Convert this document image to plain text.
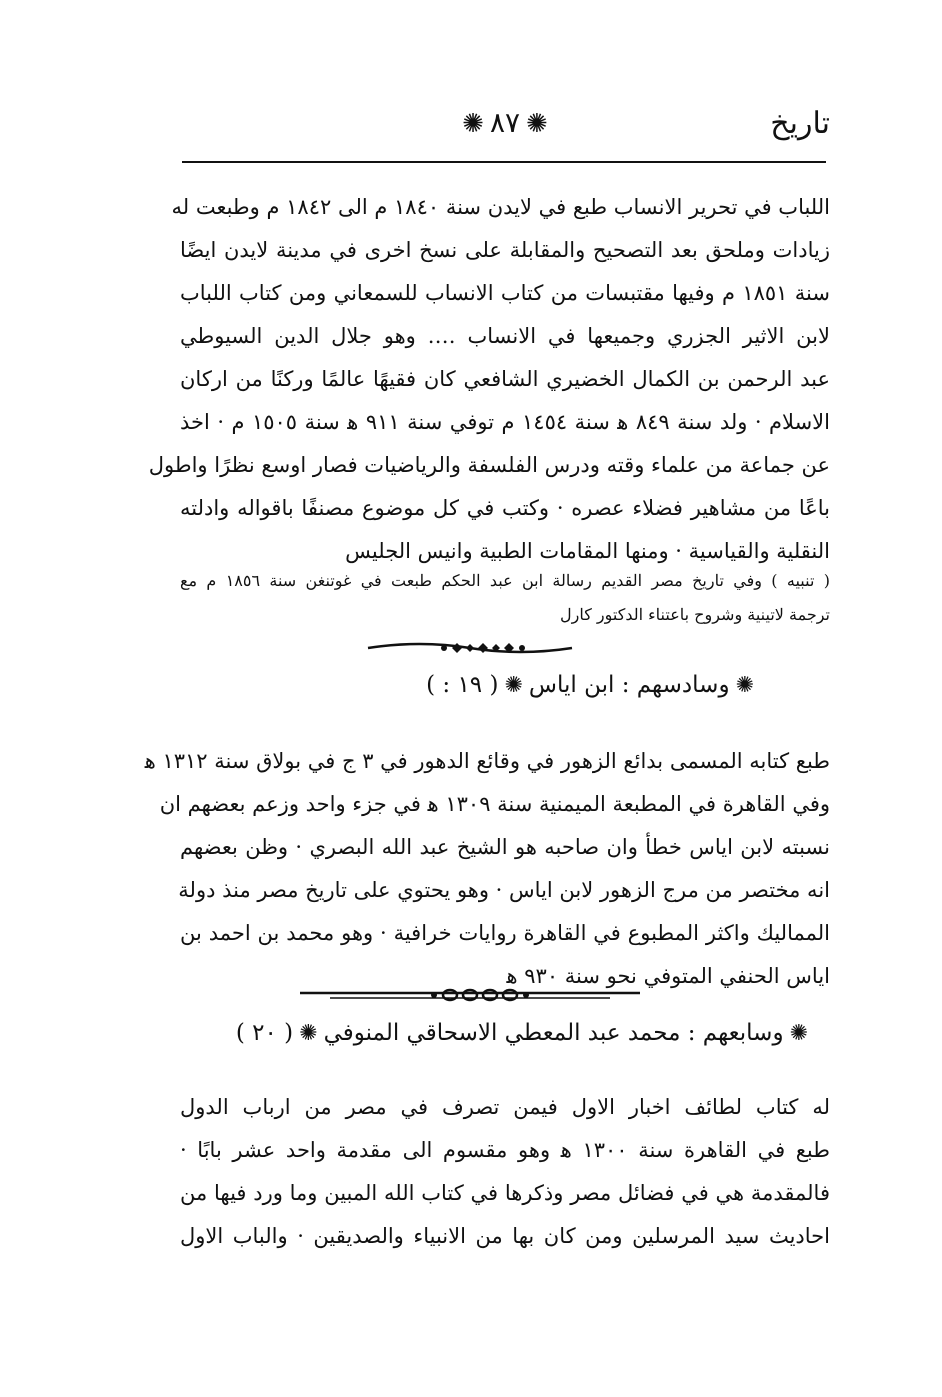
تاريخ
✺٨٧✺
اللباب في تحرير الانساب طبع في لايدن سنة ١٨٤٠ م الى ١٨٤٢ م وطبعت له
زيادات وملحق بعد التصحيح والمقابلة على نسخ اخرى في مدينة لايدن ايضًا
سنة ١٨٥١ م وفيها مقتبسات من كتاب الانساب للسمعاني ومن كتاب اللباب
لابن الاثير الجزري وجميعها في الانساب ‥‥ وهو جلال الدين السيوطي
عبد الرحمن بن الكمال الخضيري الشافعي كان فقيهًا عالمًا وركنًا من اركان
الاسلام · ولد سنة ٨٤٩ ﻫ سنة ١٤٥٤ م توفي سنة ٩١١ ﻫ سنة ١٥٠٥ م · اخذ
عن جماعة من علماء وقته ودرس الفلسفة والرياضيات فصار اوسع نظرًا واطول
باعًا من مشاهير فضلاء عصره · وكتب في كل موضوع مصنفًا باقواله وادلته
النقلية والقياسية · ومنها المقامات الطبية وانيس الجليس
( تنبيه ) وفي تاريخ مصر القديم رسالة ابن عبد الحكم طبعت في غوتنغن سنة ١٨٥٦ م مع
ترجمة لاتينية وشروح باعتناء الدكتور كارل
✺وسادسهم : ابن اياس✺( ١٩ : )
طبع كتابه المسمى بدائع الزهور في وقائع الدهور في ٣ ج في بولاق سنة ١٣١٢ ﻫ
وفي القاهرة في المطبعة الميمنية سنة ١٣٠٩ ﻫ في جزء واحد وزعم بعضهم ان
نسبته لابن اياس خطأ وان صاحبه هو الشيخ عبد الله البصري · وظن بعضهم
انه مختصر من مرج الزهور لابن اياس · وهو يحتوي على تاريخ مصر منذ دولة
المماليك واكثر المطبوع في القاهرة روايات خرافية · وهو محمد بن احمد بن
اياس الحنفي المتوفي نحو سنة ٩٣٠ ﻫ
✺وسابعهم : محمد عبد المعطي الاسحاقي المنوفي✺( ٢٠ )
له كتاب لطائف اخبار الاول فيمن تصرف في مصر من ارباب الدول
طبع في القاهرة سنة ١٣٠٠ ﻫ وهو مقسوم الى مقدمة واحد عشر بابًا ·
فالمقدمة هي في فضائل مصر وذكرها في كتاب الله المبين وما ورد فيها من
احاديث سيد المرسلين ومن كان بها من الانبياء والصديقين · والباب الاول
